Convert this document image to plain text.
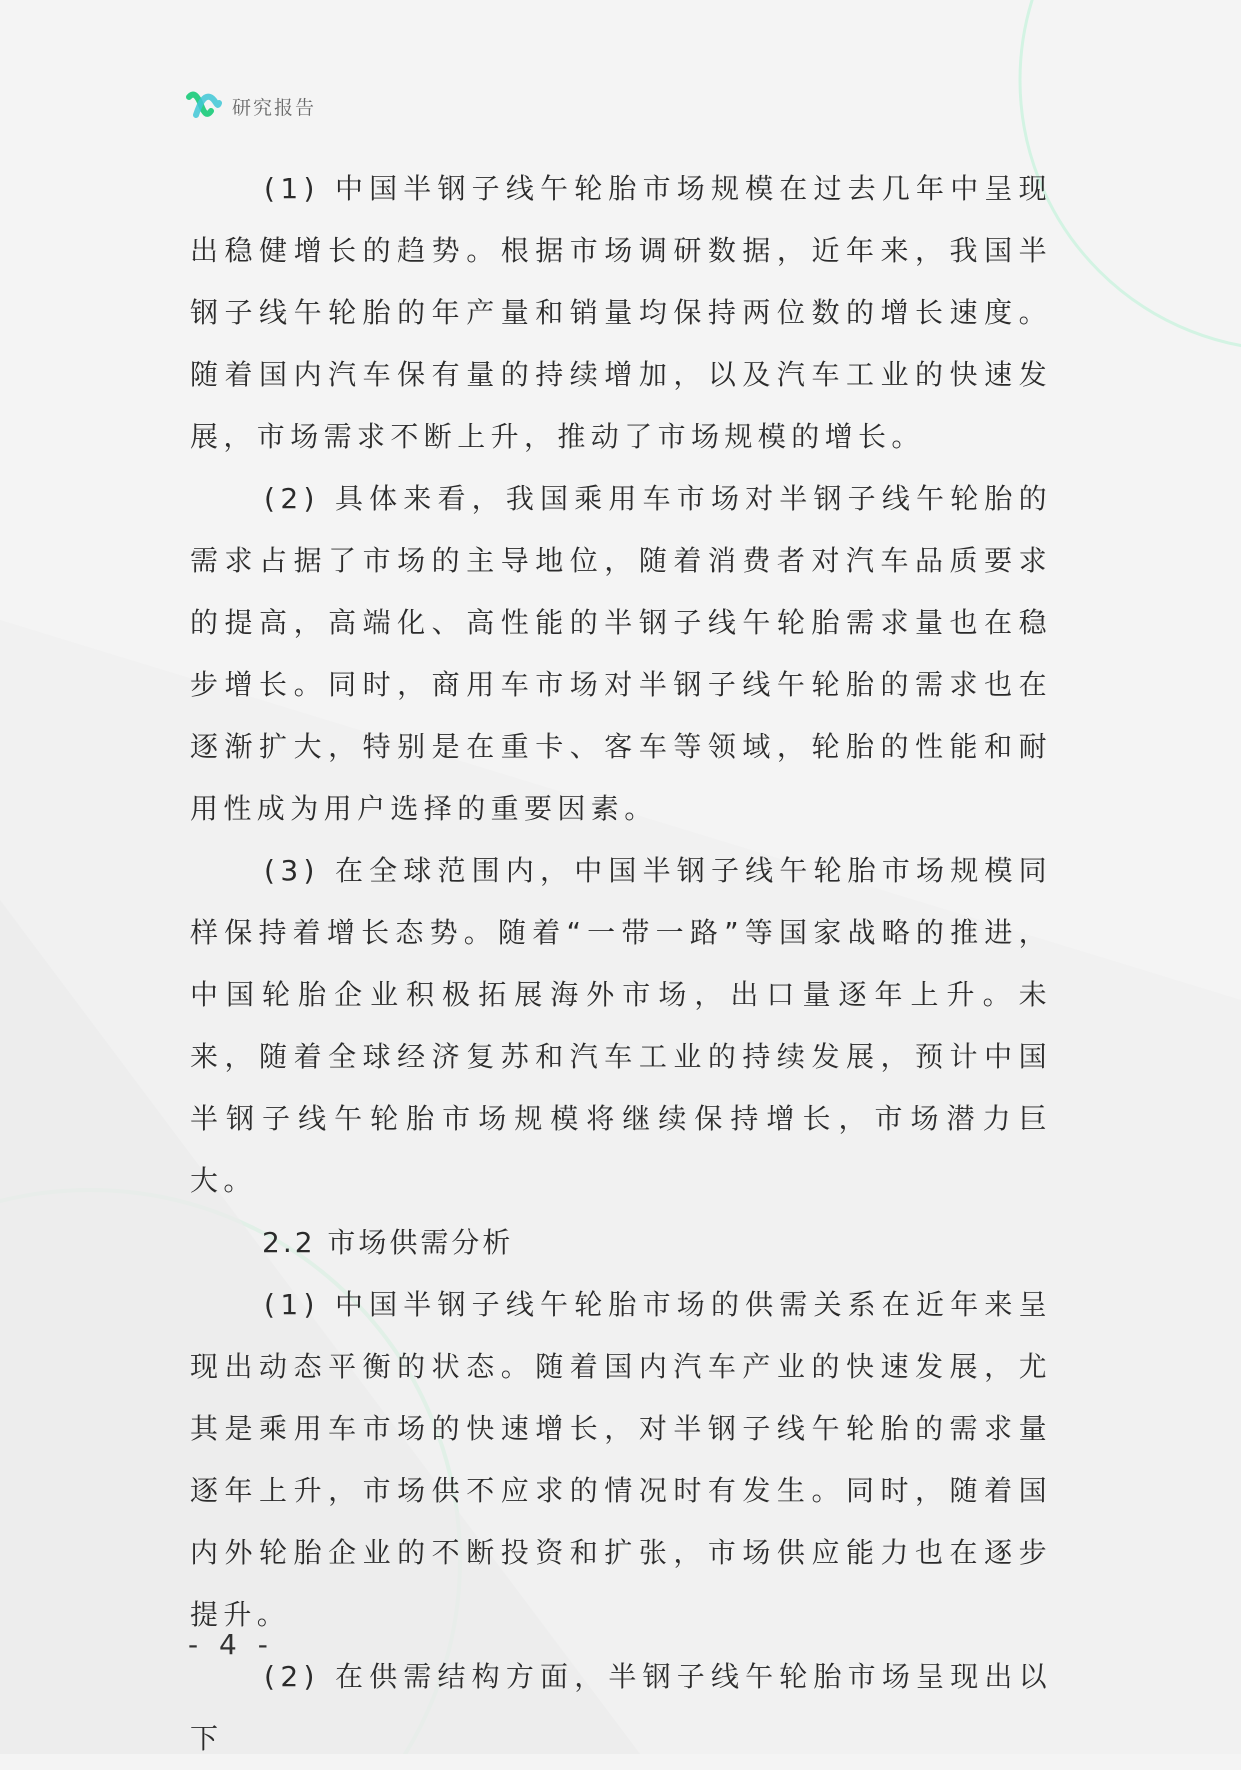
研究报告

(1) 中国半钢子线午轮胎市场规模在过去几年中呈现出稳健增长的趋势。根据市场调研数据，近年来，我国半钢子线午轮胎的年产量和销量均保持两位数的增长速度。随着国内汽车保有量的持续增加，以及汽车工业的快速发展，市场需求不断上升，推动了市场规模的增长。

(2) 具体来看，我国乘用车市场对半钢子线午轮胎的需求占据了市场的主导地位，随着消费者对汽车品质要求的提高，高端化、高性能的半钢子线午轮胎需求量也在稳步增长。同时，商用车市场对半钢子线午轮胎的需求也在逐渐扩大，特别是在重卡、客车等领域，轮胎的性能和耐用性成为用户选择的重要因素。

(3) 在全球范围内，中国半钢子线午轮胎市场规模同样保持着增长态势。随着“一带一路”等国家战略的推进，中国轮胎企业积极拓展海外市场，出口量逐年上升。未来，随着全球经济复苏和汽车工业的持续发展，预计中国半钢子线午轮胎市场规模将继续保持增长，市场潜力巨大。

2.2 市场供需分析

(1) 中国半钢子线午轮胎市场的供需关系在近年来呈现出动态平衡的状态。随着国内汽车产业的快速发展，尤其是乘用车市场的快速增长，对半钢子线午轮胎的需求量逐年上升，市场供不应求的情况时有发生。同时，随着国内外轮胎企业的不断投资和扩张，市场供应能力也在逐步提升。

(2) 在供需结构方面，半钢子线午轮胎市场呈现出以下

- 4 -
